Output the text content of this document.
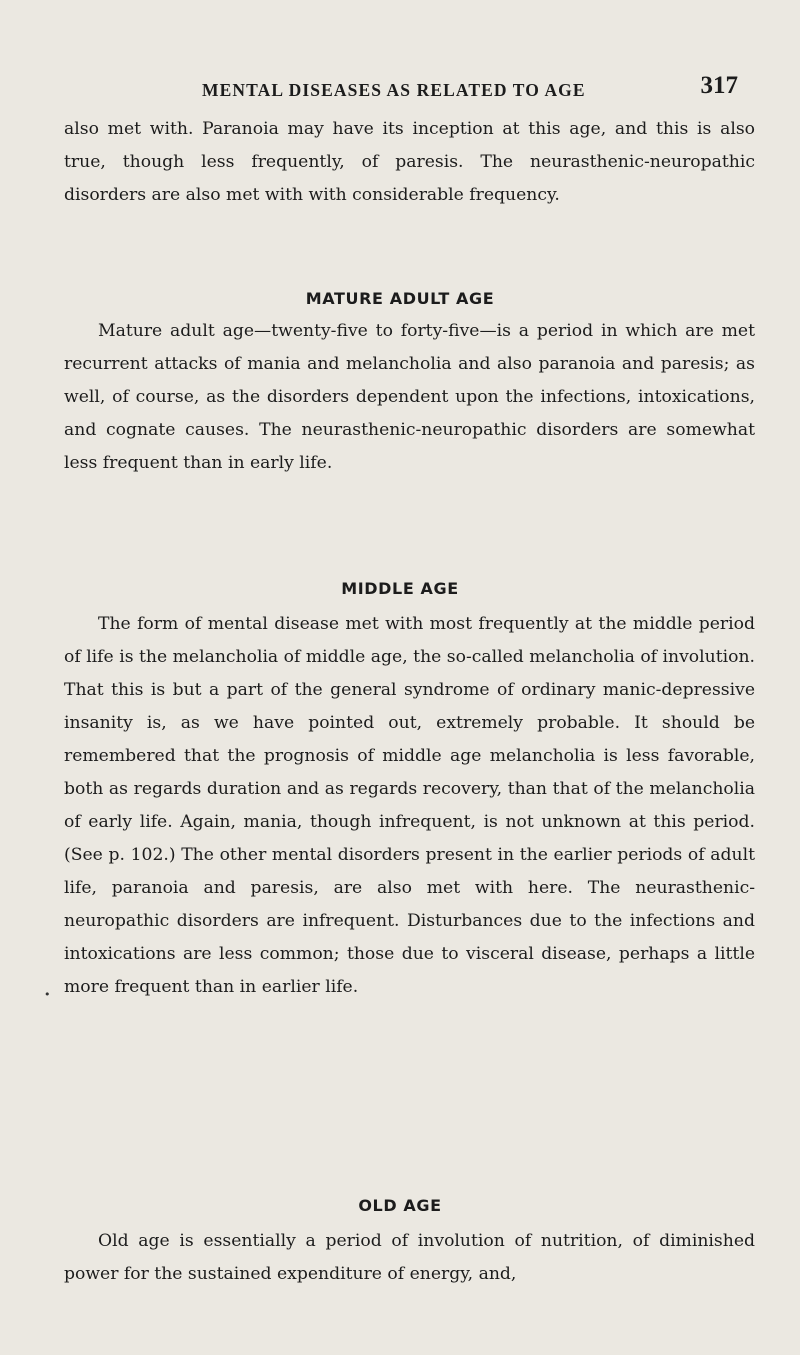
MENTAL DISEASES AS RELATED TO AGE	317

also met with. Paranoia may have its inception at this age, and this is also true, though less frequently, of paresis. The neurasthenic-neuropathic disorders are also met with with considerable frequency.

MATURE ADULT AGE

Mature adult age—twenty-five to forty-five—is a period in which are met recurrent attacks of mania and melancholia and also paranoia and paresis; as well, of course, as the disorders dependent upon the infections, intoxications, and cognate causes. The neurasthenic-neuropathic disorders are somewhat less frequent than in early life.

MIDDLE AGE

The form of mental disease met with most frequently at the middle period of life is the melancholia of middle age, the so-called melancholia of involution. That this is but a part of the general syndrome of ordinary manic-depressive insanity is, as we have pointed out, extremely probable. It should be remembered that the prognosis of middle age melancholia is less favorable, both as regards duration and as regards recovery, than that of the melancholia of early life. Again, mania, though infrequent, is not unknown at this period. (See p. 102.) The other mental disorders present in the earlier periods of adult life, paranoia and paresis, are also met with here. The neurasthenic-neuropathic disorders are infrequent. Disturbances due to the infections and intoxications are less common; those due to visceral disease, perhaps a little more frequent than in earlier life.

•
OLD AGE

Old age is essentially a period of involution of nutrition, of diminished power for the sustained expenditure of energy, and,
